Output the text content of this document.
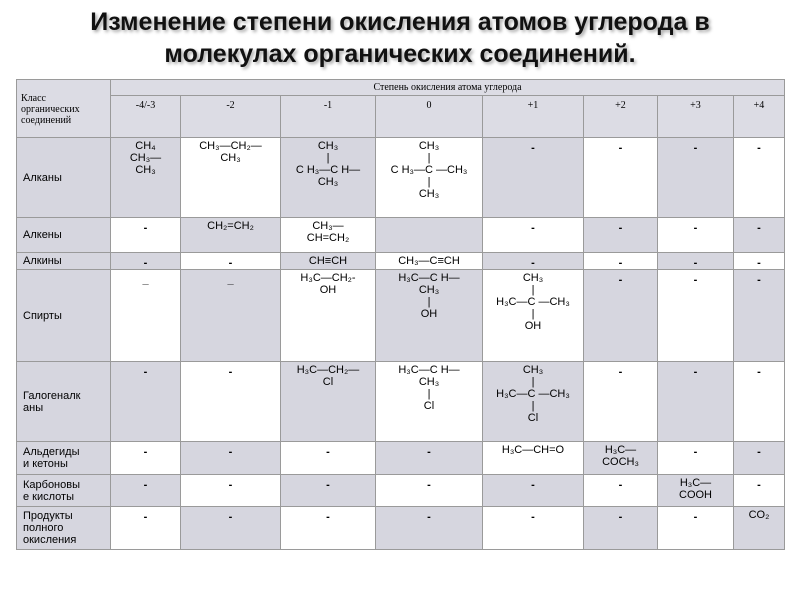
Изменение степени окисления атомов углерода в
молекулах органических соединений.
Класс
органических
соединений	Степень окисления атома углерода							
	-4/-3	-2	-1	0	+1	+2	+3	+4

Алканы	CH₄
CH₃—
CH₃	CH₃—CH₂—
CH₃	CH₃
|
C H₃—C H—
CH₃	CH₃
|
C H₃—C —CH₃
|
CH₃	-	-	-	-

Алкены	-	CH₂=CH₂	CH₃—
CH=CH₂		-	-	-	-

Алкины	-	-	CH≡CH	CH₃—C≡CH	-	-	-	-

Спирты	_	_	H₃C—CH₂-
OH	H₃C—C H—
CH₃
|
OH	CH₃
|
H₃C—C —CH₃
|
OH	-	-	-

Галогеналк
аны	-	-	H₃C—CH₂—
Cl	H₃C—C H—
CH₃
|
Cl	CH₃
|
H₃C—C —CH₃
|
Cl	-	-	-

Альдегиды
и кетоны	-	-	-	-	H₃C—CH=O	H₃C—
COCH₃	-	-

Карбоновы
е кислоты	-	-	-	-	-	-	H₃C—
COOH	-

Продукты
полного
окисления	-	-	-	-	-	-	-	CO₂
